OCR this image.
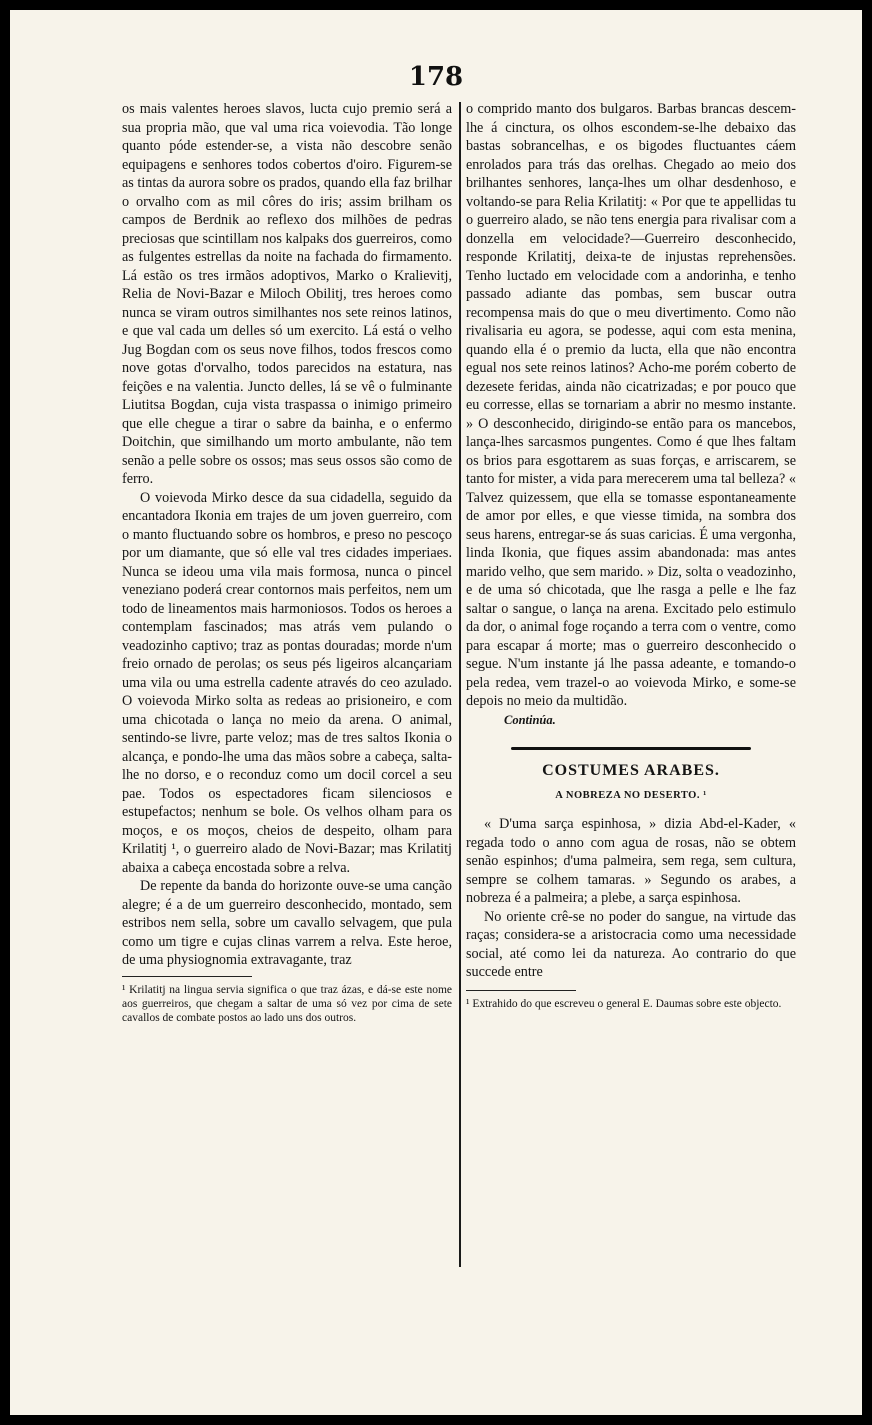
178

os mais valentes heroes slavos, lucta cujo premio será a sua propria mão, que val uma rica voievodia. Tão longe quanto póde estender-se, a vista não descobre senão equipagens e senhores todos cobertos d'oiro. Figurem-se as tintas da aurora sobre os prados, quando ella faz brilhar o orvalho com as mil côres do iris; assim brilham os campos de Berdnik ao reflexo dos milhões de pedras preciosas que scintillam nos kalpaks dos guerreiros, como as fulgentes estrellas da noite na fachada do firmamento. Lá estão os tres irmãos adoptivos, Marko o Kralievitj, Relia de Novi-Bazar e Miloch Obilitj, tres heroes como nunca se viram outros similhantes nos sete reinos latinos, e que val cada um delles só um exercito. Lá está o velho Jug Bogdan com os seus nove filhos, todos frescos como nove gotas d'orvalho, todos parecidos na estatura, nas feições e na valentia. Juncto delles, lá se vê o fulminante Liutitsa Bogdan, cuja vista traspassa o inimigo primeiro que elle chegue a tirar o sabre da bainha, e o enfermo Doitchin, que similhando um morto ambulante, não tem senão a pelle sobre os ossos; mas seus ossos são como de ferro.

O voievoda Mirko desce da sua cidadella, seguido da encantadora Ikonia em trajes de um joven guerreiro, com o manto fluctuando sobre os hombros, e preso no pescoço por um diamante, que só elle val tres cidades imperiaes. Nunca se ideou uma vila mais formosa, nunca o pincel veneziano poderá crear contornos mais perfeitos, nem um todo de lineamentos mais harmoniosos. Todos os heroes a contemplam fascinados; mas atrás vem pulando o veadozinho captivo; traz as pontas douradas; morde n'um freio ornado de perolas; os seus pés ligeiros alcançariam uma vila ou uma estrella cadente através do ceo azulado. O voievoda Mirko solta as redeas ao prisioneiro, e com uma chicotada o lança no meio da arena. O animal, sentindo-se livre, parte veloz; mas de tres saltos Ikonia o alcança, e pondo-lhe uma das mãos sobre a cabeça, salta-lhe no dorso, e o reconduz como um docil corcel a seu pae. Todos os espectadores ficam silenciosos e estupefactos; nenhum se bole. Os velhos olham para os moços, e os moços, cheios de despeito, olham para Krilatitj ¹, o guerreiro alado de Novi-Bazar; mas Krilatitj abaixa a cabeça encostada sobre a relva.

De repente da banda do horizonte ouve-se uma canção alegre; é a de um guerreiro desconhecido, montado, sem estribos nem sella, sobre um cavallo selvagem, que pula como um tigre e cujas clinas varrem a relva. Este heroe, de uma physiognomia extravagante, traz

¹ Krilatitj na lingua servia significa o que traz ázas, e dá-se este nome aos guerreiros, que chegam a saltar de uma só vez por cima de sete cavallos de combate postos ao lado uns dos outros.

o comprido manto dos bulgaros. Barbas brancas descem-lhe á cinctura, os olhos escondem-se-lhe debaixo das bastas sobrancelhas, e os bigodes fluctuantes cáem enrolados para trás das orelhas. Chegado ao meio dos brilhantes senhores, lança-lhes um olhar desdenhoso, e voltando-se para Relia Krilatitj: « Por que te appellidas tu o guerreiro alado, se não tens energia para rivalisar com a donzella em velocidade?—Guerreiro desconhecido, responde Krilatitj, deixa-te de injustas reprehensões. Tenho luctado em velocidade com a andorinha, e tenho passado adiante das pombas, sem buscar outra recompensa mais do que o meu divertimento. Como não rivalisaria eu agora, se podesse, aqui com esta menina, quando ella é o premio da lucta, ella que não encontra egual nos sete reinos latinos? Acho-me porém coberto de dezesete feridas, ainda não cicatrizadas; e por pouco que eu corresse, ellas se tornariam a abrir no mesmo instante. » O desconhecido, dirigindo-se então para os mancebos, lança-lhes sarcasmos pungentes. Como é que lhes faltam os brios para esgottarem as suas forças, e arriscarem, se tanto for mister, a vida para merecerem uma tal belleza? « Talvez quizessem, que ella se tomasse espontaneamente de amor por elles, e que viesse timida, na sombra dos seus harens, entregar-se ás suas caricias. É uma vergonha, linda Ikonia, que fiques assim abandonada: mas antes marido velho, que sem marido. » Diz, solta o veadozinho, e de uma só chicotada, que lhe rasga a pelle e lhe faz saltar o sangue, o lança na arena. Excitado pelo estimulo da dor, o animal foge roçando a terra com o ventre, como para escapar á morte; mas o guerreiro desconhecido o segue. N'um instante já lhe passa adeante, e tomando-o pela redea, vem trazel-o ao voievoda Mirko, e some-se depois no meio da multidão.

Continúa.

COSTUMES ARABES.

A NOBREZA NO DESERTO. ¹

« D'uma sarça espinhosa, » dizia Abd-el-Kader, « regada todo o anno com agua de rosas, não se obtem senão espinhos; d'uma palmeira, sem rega, sem cultura, sempre se colhem tamaras. » Segundo os arabes, a nobreza é a palmeira; a plebe, a sarça espinhosa.

No oriente crê-se no poder do sangue, na virtude das raças; considera-se a aristocracia como uma necessidade social, até como lei da natureza. Ao contrario do que succede entre

¹ Extrahido do que escreveu o general E. Daumas sobre este objecto.
